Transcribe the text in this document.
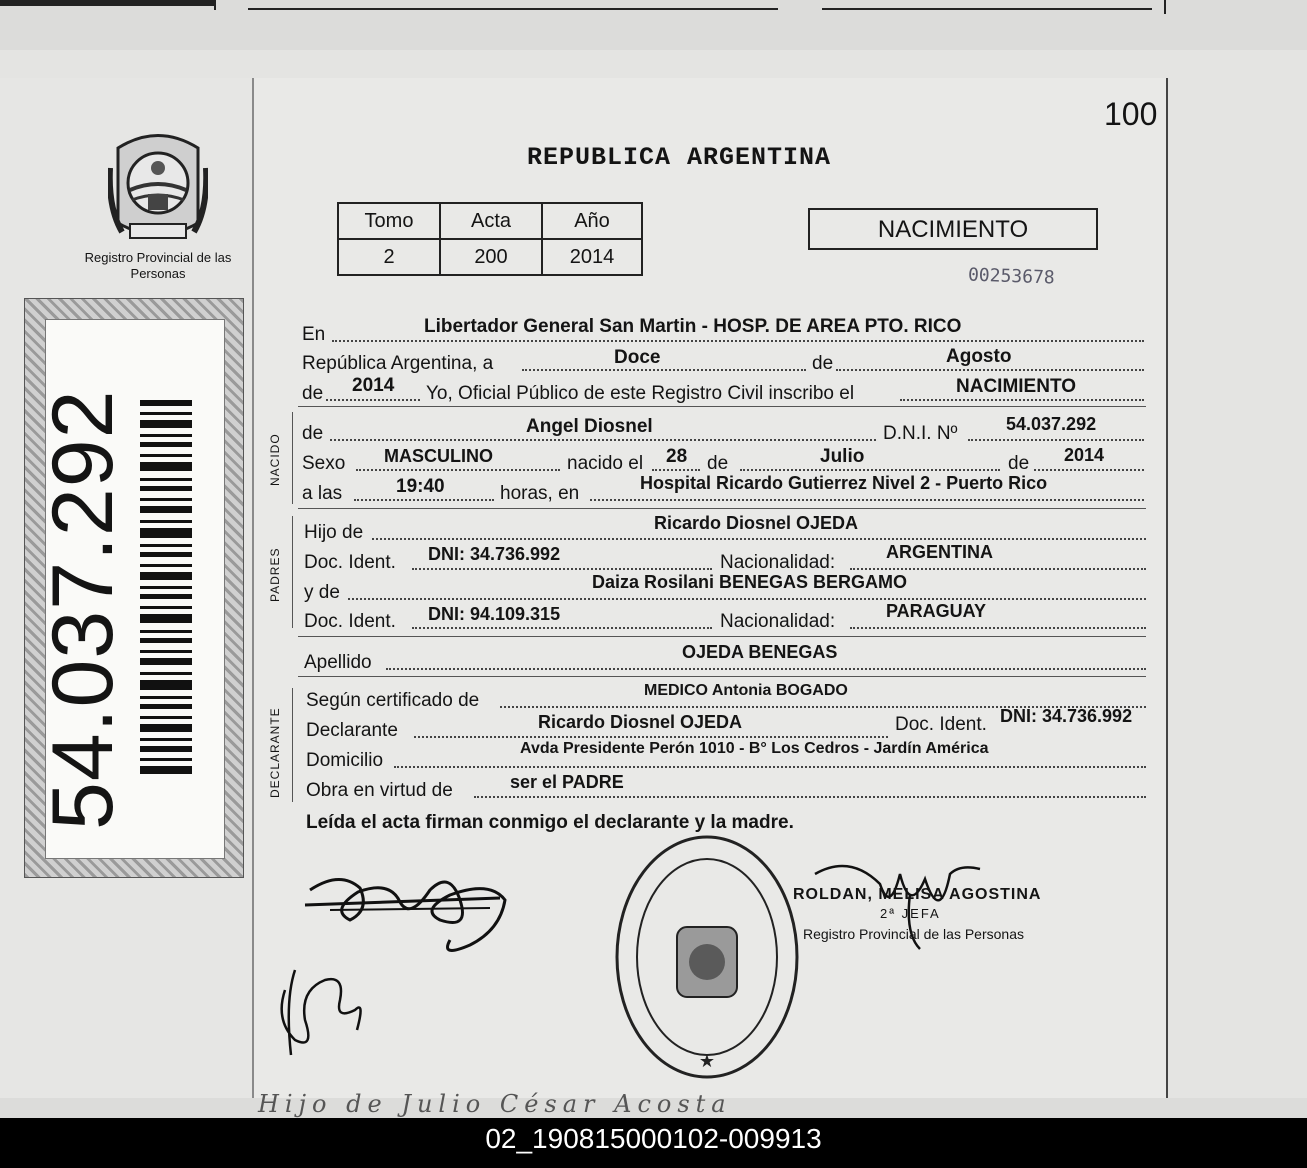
Hijo de Julio César Acosta
Registro Provincial de las Personas
54.037.292
100
REPUBLICA ARGENTINA
Tomo	Acta	Año
2	200	2014
NACIMIENTO
00253678
NACIDO
PADRES
DECLARANTE
En	Libertador General San Martin - HOSP. DE AREA PTO. RICO
República Argentina, a	Doce	de	Agosto
de 2014 Yo, Oficial Público de este Registro Civil inscribo el	NACIMIENTO
de	Angel Diosnel	D.N.I. Nº	54.037.292
Sexo MASCULINO	nacido el 28 de	Julio	de 2014
a las	19:40	horas, en	Hospital Ricardo Gutierrez Nivel 2 - Puerto Rico
Hijo de	Ricardo Diosnel OJEDA
Doc. Ident. DNI: 34.736.992	Nacionalidad:	ARGENTINA
y de	Daiza Rosilani BENEGAS BERGAMO
Doc. Ident. DNI: 94.109.315	Nacionalidad:	PARAGUAY
Apellido	OJEDA BENEGAS
Según certificado de	MEDICO Antonia BOGADO
Declarante	Ricardo Diosnel OJEDA	Doc. Ident. DNI: 34.736.992
Domicilio
Avda Presidente Perón 1010 - B° Los Cedros - Jardín América
Obra en virtud de	ser el PADRE
Leída el acta firman conmigo el declarante y la madre.
★
ROLDAN, MELISA AGOSTINA
2ª JEFA
Registro Provincial de las Personas
02_190815000102-009913
